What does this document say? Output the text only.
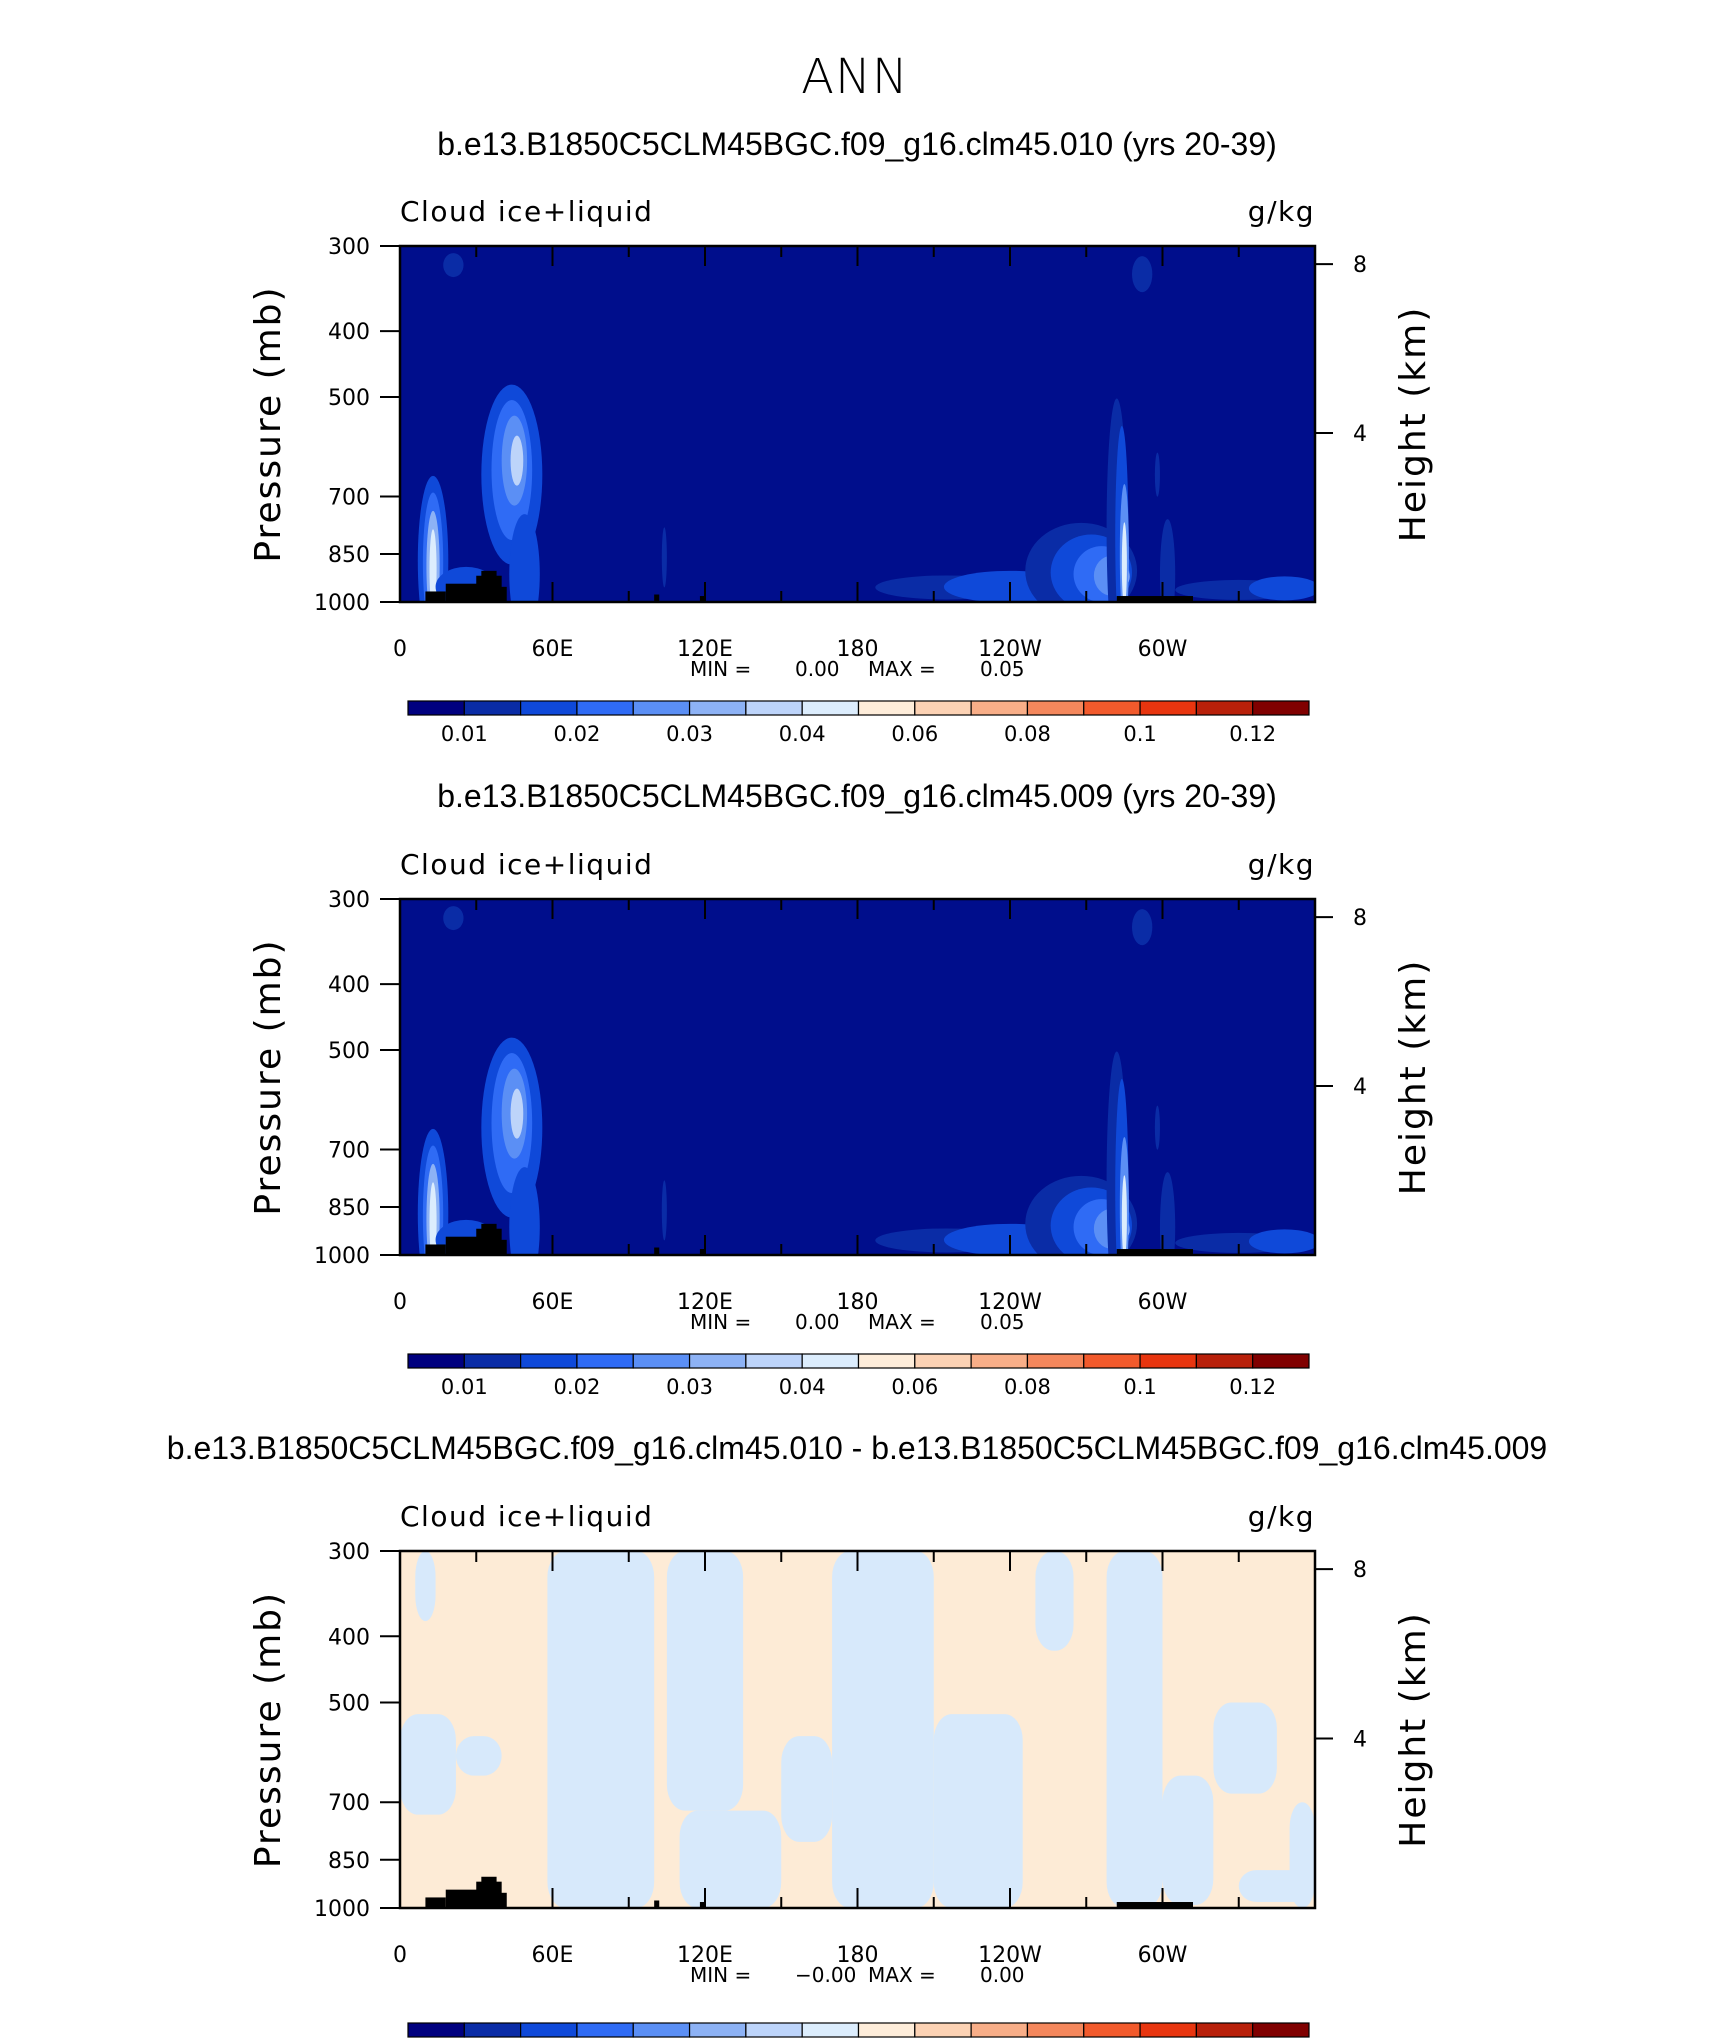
ANN
b.e13.B1850C5CLM45BGC.f09_g16.clm45.010 (yrs 20-39)
Cloud ice+liquid	g/kg
0	60E	120E	180	120W	60W
300
400
500
700
850
1000
8
4
Pressure (mb)	Height (km)
MIN = 0.00 MAX = 0.05
0.01	0.02	0.03	0.04	0.06	0.08	0.1	0.12
b.e13.B1850C5CLM45BGC.f09_g16.clm45.009 (yrs 20-39)
Cloud ice+liquid	g/kg
0	60E	120E	180	120W	60W
300
400
500
700
850
1000
8
4
Pressure (mb)	Height (km)
MIN = 0.00 MAX = 0.05
0.01	0.02	0.03	0.04	0.06	0.08	0.1	0.12
b.e13.B1850C5CLM45BGC.f09_g16.clm45.010 - b.e13.B1850C5CLM45BGC.f09_g16.clm45.009
Cloud ice+liquid	g/kg
0	60E	120E	180	120W	60W
300
400
500
700
850
1000
8
4
Pressure (mb)	Height (km)
MIN = −0.00 MAX = 0.00
